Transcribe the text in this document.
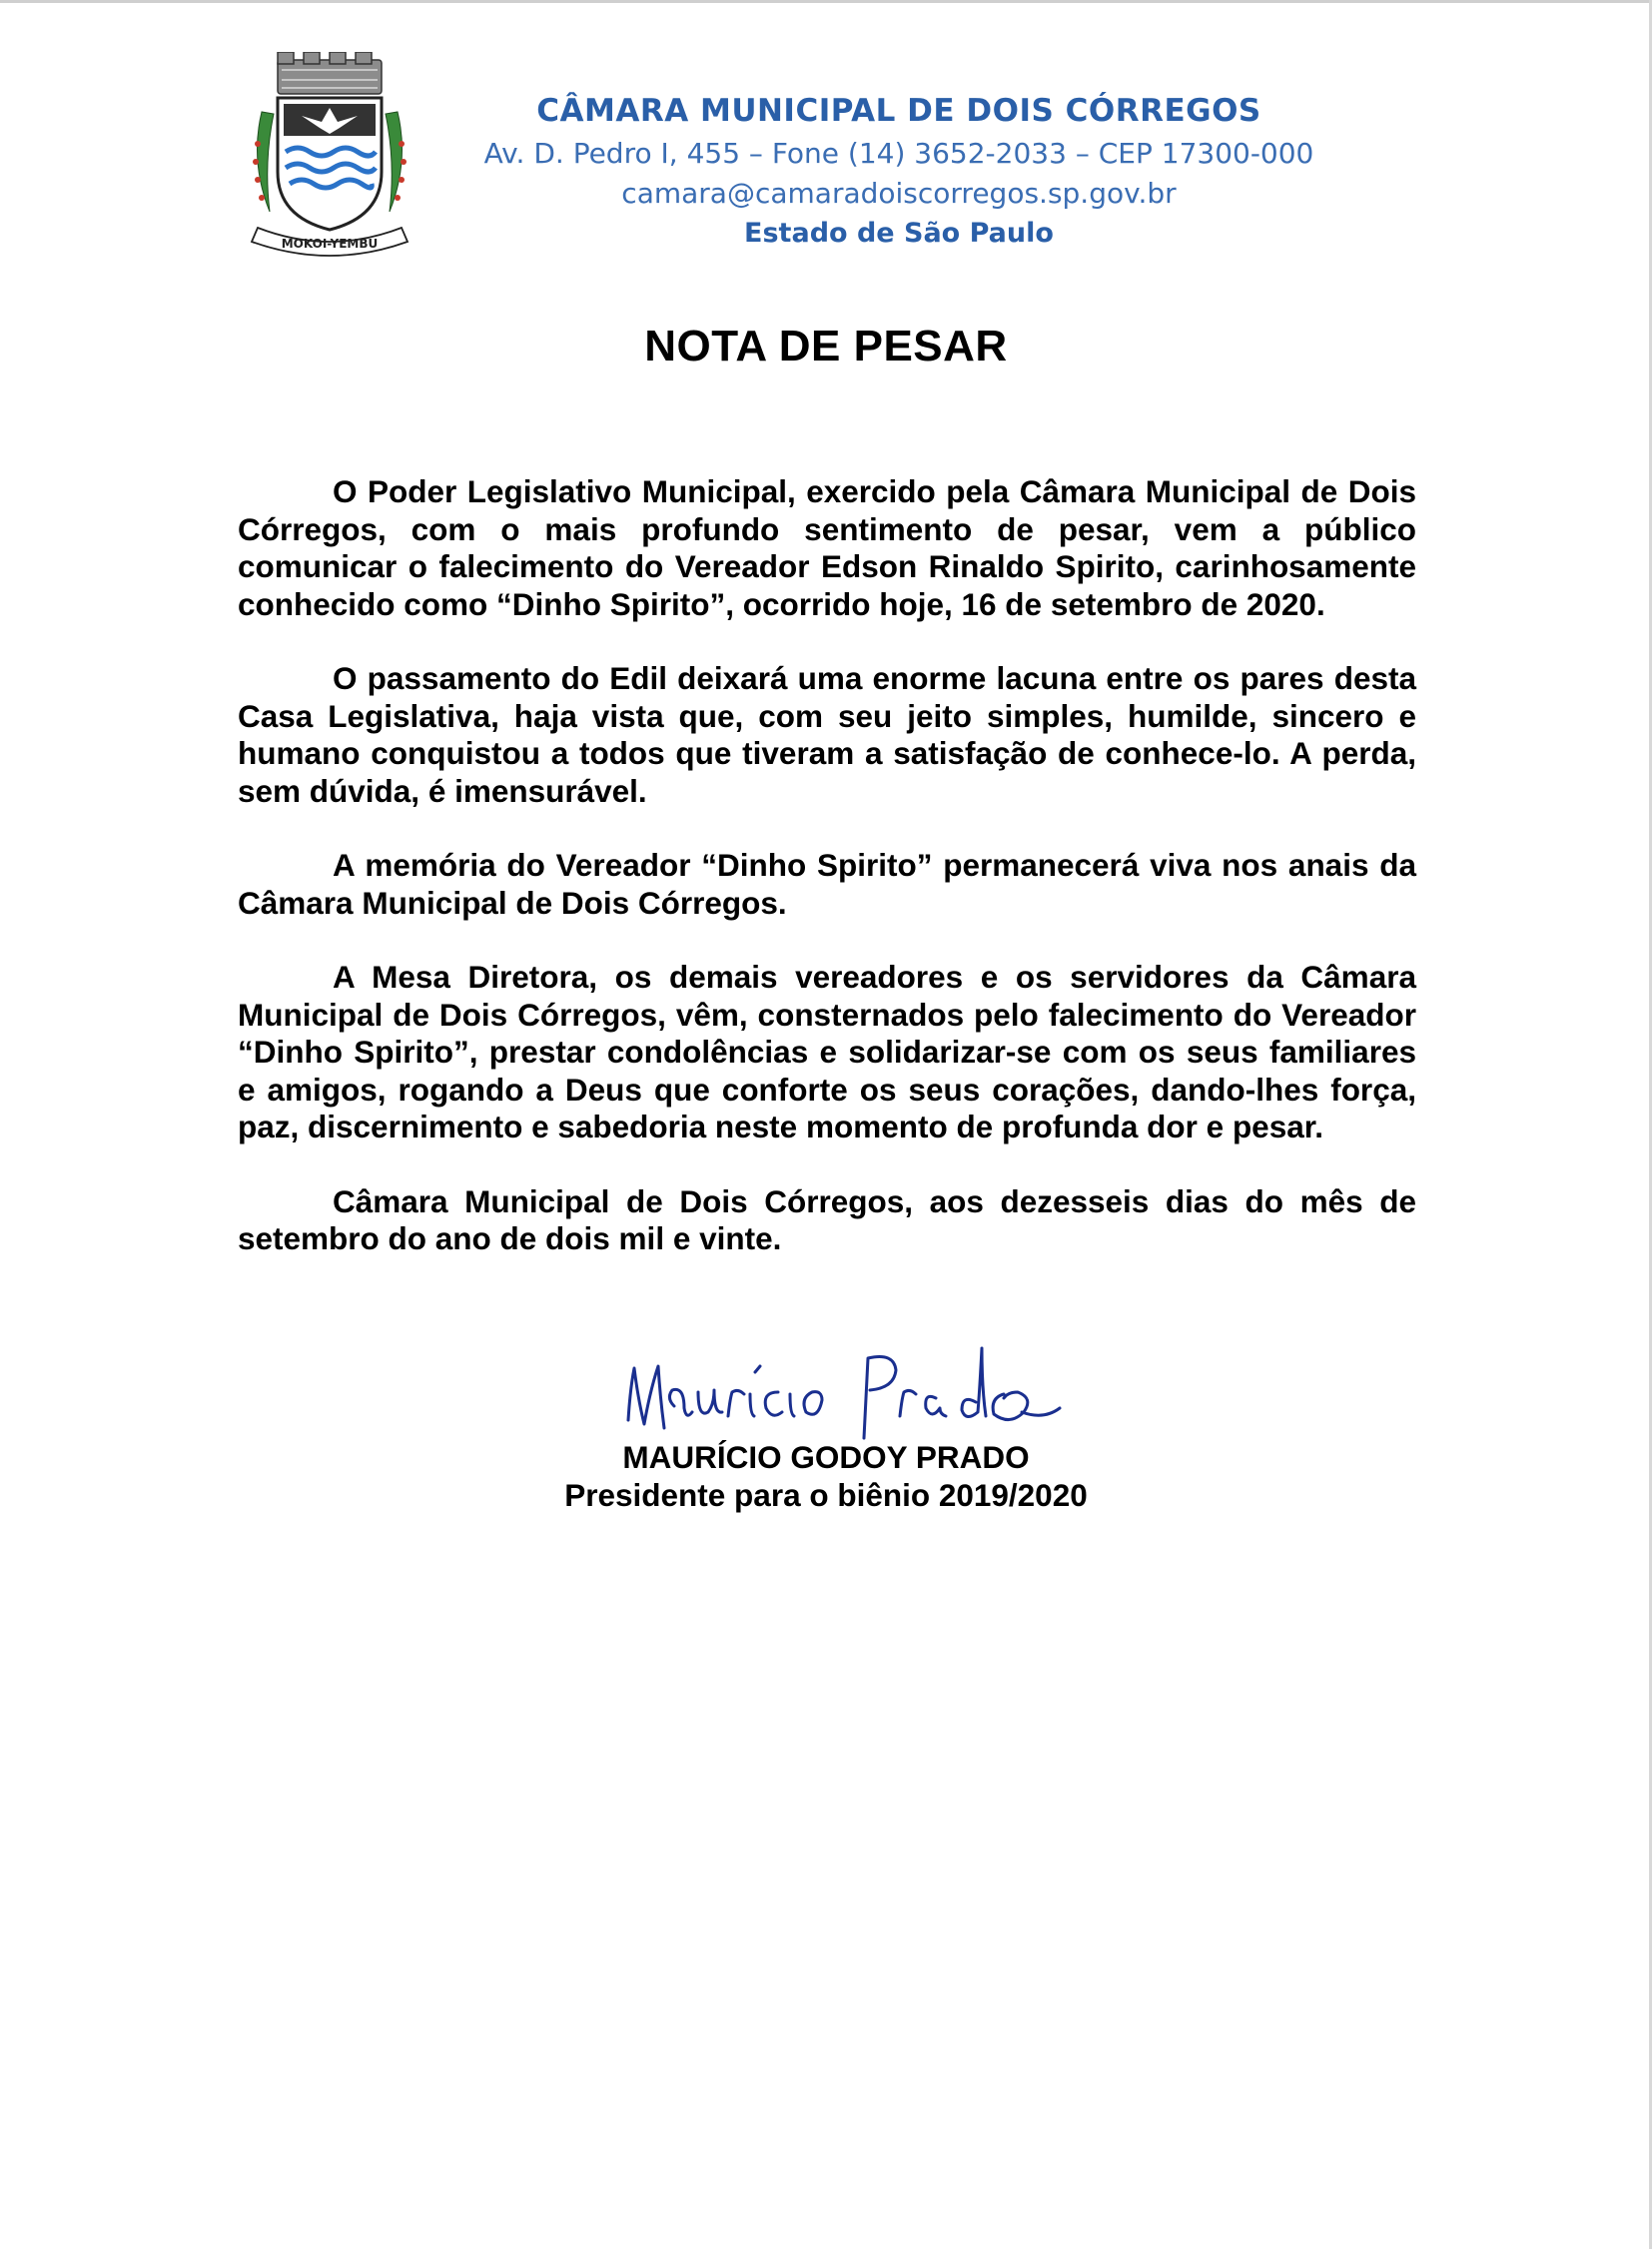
MOKOI-YEMBU
CÂMARA MUNICIPAL DE DOIS CÓRREGOS
Av. D. Pedro I, 455 – Fone (14) 3652-2033 – CEP 17300-000
camara@camaradoiscorregos.sp.gov.br
Estado de São Paulo
NOTA DE PESAR

O Poder Legislativo Municipal, exercido pela Câmara Municipal de Dois Córregos, com o mais profundo sentimento de pesar, vem a público comunicar o falecimento do Vereador Edson Rinaldo Spirito, carinhosamente conhecido como “Dinho Spirito”, ocorrido hoje, 16 de setembro de 2020.

O passamento do Edil deixará uma enorme lacuna entre os pares desta Casa Legislativa, haja vista que, com seu jeito simples, humilde, sincero e humano conquistou a todos que tiveram a satisfação de conhece-lo. A perda, sem dúvida, é imensurável.

A memória do Vereador “Dinho Spirito” permanecerá viva nos anais da Câmara Municipal de Dois Córregos.

A Mesa Diretora, os demais vereadores e os servidores da Câmara Municipal de Dois Córregos, vêm, consternados pelo falecimento do Vereador “Dinho Spirito”, prestar condolências e solidarizar-se com os seus familiares e amigos, rogando a Deus que conforte os seus corações, dando-lhes força, paz, discernimento e sabedoria neste momento de profunda dor e pesar.

Câmara Municipal de Dois Córregos, aos dezesseis dias do mês de setembro do ano de dois mil e vinte.

MAURÍCIO GODOY PRADO
Presidente para o biênio 2019/2020
